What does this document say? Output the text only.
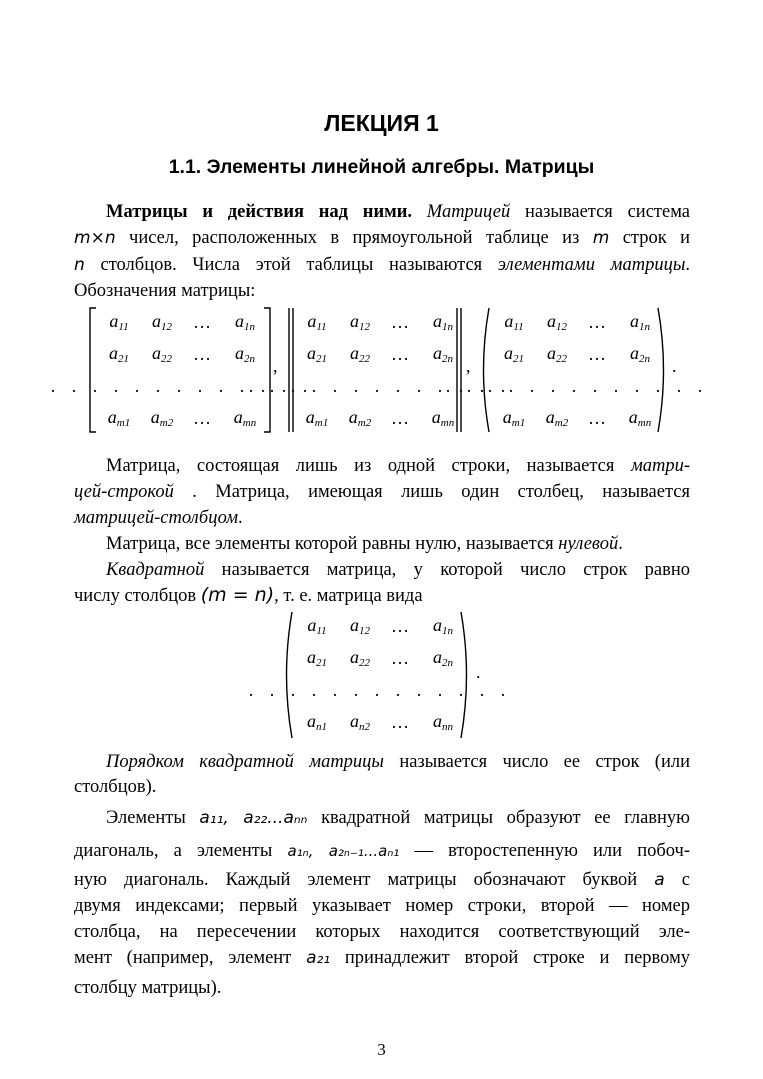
ЛЕКЦИЯ 1
1.1. Элементы линейной алгебры. Матрицы
Матрицы и действия над ними. Матрицей называется система
m×n чисел, расположенных в прямоугольной таблице из m строк и
n столбцов. Числа этой таблицы называются элементами матрицы.
Обозначения матрицы:
$a_{11}$ $a_{12}$ … $a_{1n}$
$a_{21}$ $a_{22}$ … $a_{2n}$
. . . . . . . . . . . . .
$a_{m1}$ $a_{m2}$ … $a_{mn}$
,
$a_{11}$ $a_{12}$ … $a_{1n}$
$a_{21}$ $a_{22}$ … $a_{2n}$
. . . . . . . . . . . . .
$a_{m1}$ $a_{m2}$ … $a_{mn}$
,
$a_{11}$ $a_{12}$ … $a_{1n}$
$a_{21}$ $a_{22}$ … $a_{2n}$
. . . . . . . . . . . . .
$a_{m1}$ $a_{m2}$ … $a_{mn}$
.
Матрица, состоящая лишь из одной строки, называется матри-
цей-строкой . Матрица, имеющая лишь один столбец, называется
матрицей-столбцом.
Матрица, все элементы которой равны нулю, называется нулевой.
Квадратной называется матрица, у которой число строк равно
числу столбцов (m = n), т. е. матрица вида
$a_{11}$ $a_{12}$ … $a_{1n}$
$a_{21}$ $a_{22}$ … $a_{2n}$
. . . . . . . . . . . . .
$a_{n1}$ $a_{n2}$ … $a_{nn}$
.
Порядком квадратной матрицы называется число ее строк (или
столбцов).
Элементы a₁₁, a₂₂...aₙₙ квадратной матрицы образуют ее главную
диагональ, а элементы a₁ₙ, a₂ₙ₋₁...aₙ₁ — второстепенную или побоч-
ную диагональ. Каждый элемент матрицы обозначают буквой a с
двумя индексами; первый указывает номер строки, второй — номер
столбца, на пересечении которых находится соответствующий эле-
мент (например, элемент a₂₁ принадлежит второй строке и первому
столбцу матрицы).
3
